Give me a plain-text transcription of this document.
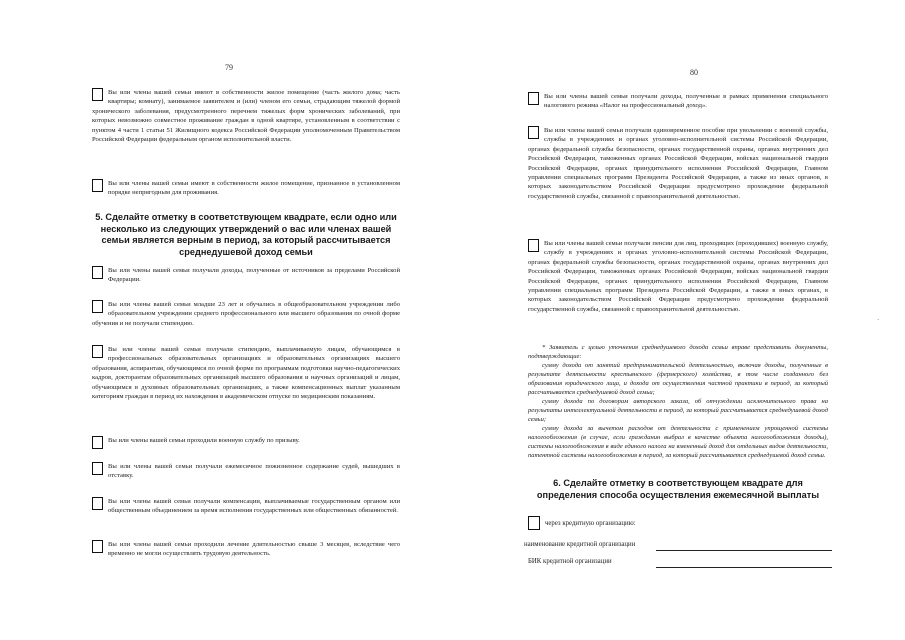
79
Вы или члены вашей семьи имеют в собственности жилое помещение (часть жилого дома; часть квартиры; комнату), занимаемое заявителем и (или) членом его семьи, страдающим тяжелой формой хронического заболевания, предусмотренного перечнем тяжелых форм хронических заболеваний, при которых невозможно совместное проживание граждан в одной квартире, установленным в соответствии с пунктом 4 части 1 статьи 51 Жилищного кодекса Российской Федерации уполномоченным Правительством Российской Федерации федеральным органом исполнительной власти.
Вы или члены вашей семьи имеют в собственности жилое помещение, признанное в установленном порядке непригодным для проживания.
5. Сделайте отметку в соответствующем квадрате, если одно или несколько из следующих утверждений о вас или членах вашей семьи является верным в период, за который рассчитывается среднедушевой доход семьи
Вы или члены вашей семьи получали доходы, полученные от источников за пределами Российской Федерации.
Вы или члены вашей семьи младше 23 лет и обучались в общеобразовательном учреждении либо образовательном учреждении среднего профессионального или высшего образования по очной форме обучения и не получали стипендию.
Вы или члены вашей семьи получали стипендию, выплачиваемую лицам, обучающимся в профессиональных образовательных организациях и образовательных организациях высшего образования, аспирантам, обучающимся по очной форме по программам подготовки научно-педагогических кадров, докторантам образовательных организаций высшего образования и научных организаций и лицам, обучающимся в духовных образовательных организациях, а также компенсационных выплат указанным категориям граждан в период их нахождения в академическом отпуске по медицинским показаниям.
Вы или члены вашей семьи проходили военную службу по призыву.
Вы или члены вашей семьи получали ежемесячное пожизненное содержание судей, вышедших в отставку.
Вы или члены вашей семьи получали компенсации, выплачиваемые государственным органом или общественным объединением за время исполнения государственных или общественных обязанностей.
Вы или члены вашей семьи проходили лечение длительностью свыше 3 месяцев, вследствие чего временно не могли осуществлять трудовую деятельность.
80
Вы или члены вашей семьи получали доходы, полученные в рамках применения специального налогового режима «Налог на профессиональный доход».
Вы или члены вашей семьи получали единовременное пособие при увольнении с военной службы, службы в учреждениях и органах уголовно-исполнительной системы Российской Федерации, органах федеральной службы безопасности, органах государственной охраны, органах внутренних дел Российской Федерации, таможенных органах Российской Федерации, войсках национальной гвардии Российской Федерации, органах принудительного исполнения Российской Федерации, Главном управлении специальных программ Президента Российской Федерации, а также из иных органов, в которых законодательством Российской Федерации предусмотрено прохождение федеральной государственной службы, связанной с правоохранительной деятельностью.
Вы или члены вашей семьи получали пенсии для лиц, проходящих (проходивших) военную службу, службу в учреждениях и органах уголовно-исполнительной системы Российской Федерации, органах федеральной службы безопасности, органах государственной охраны, органах внутренних дел Российской Федерации, таможенных органах Российской Федерации, войсках национальной гвардии Российской Федерации, органах принудительного исполнения Российской Федерации, Главном управлении специальных программ Президента Российской Федерации, а также в иных органах, в которых законодательством Российской Федерации предусмотрено прохождение федеральной государственной службы, связанной с правоохранительной деятельностью.

* Заявитель с целью уточнения среднедушевого дохода семьи вправе представить документы, подтверждающие:

сумму дохода от занятий предпринимательской деятельностью, включая доходы, полученные в результате деятельности крестьянского (фермерского) хозяйства, в том числе созданного без образования юридического лица, и дохода от осуществления частной практики в период, за который рассчитывается среднедушевой доход семьи;

сумму дохода по договорам авторского заказа, об отчуждении исключительного права на результаты интеллектуальной деятельности в период, за который рассчитывается среднедушевой доход семьи;

сумму дохода за вычетом расходов от деятельности с применением упрощенной системы налогообложения (в случае, если гражданин выбрал в качестве объекта налогообложения доходы), системы налогообложения в виде единого налога на вмененный доход для отдельных видов деятельности, патентной системы налогообложения в период, за который рассчитывается среднедушевой доход семьи.

6. Сделайте отметку в соответствующем квадрате для определения способа осуществления ежемесячной выплаты
через кредитную организацию:
наименование кредитной организации
БИК кредитной организации
·
